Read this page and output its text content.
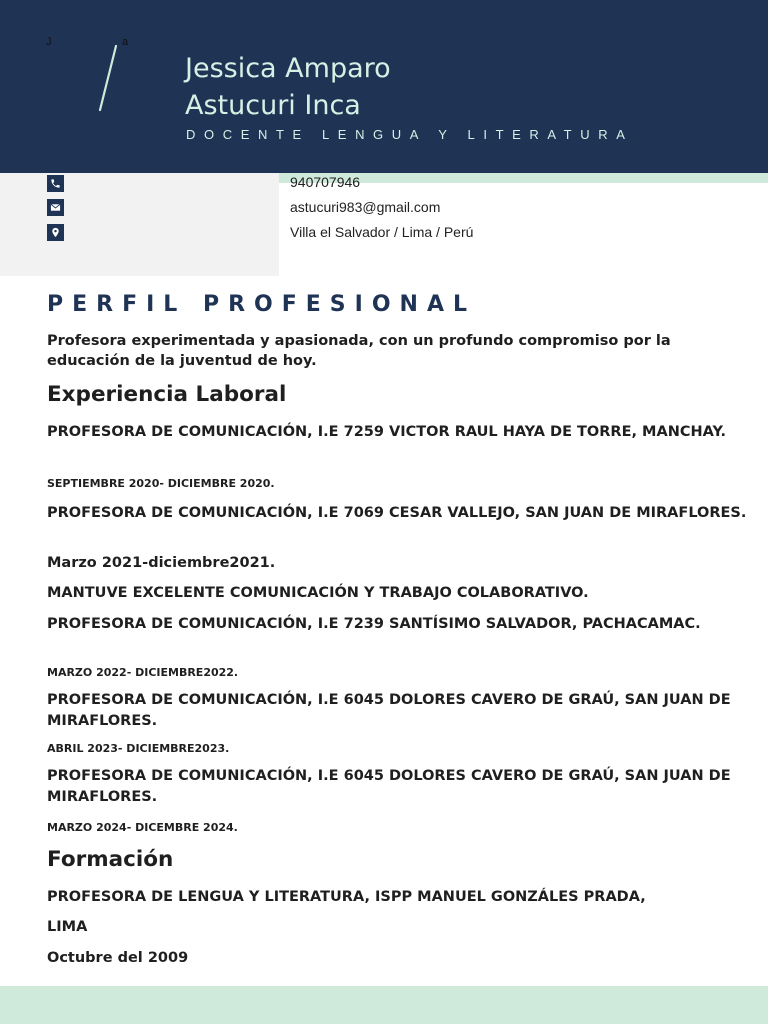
J	a
Jessica Amparo
Astucuri Inca
DOCENTE LENGUA Y LITERATURA
940707946
astucuri983@gmail.com
Villa el Salvador / Lima / Perú
PERFIL PROFESIONAL
Profesora experimentada y apasionada, con un profundo compromiso por la educación de la juventud de hoy.
Experiencia Laboral
PROFESORA DE COMUNICACIÓN, I.E 7259 VICTOR RAUL HAYA DE TORRE, MANCHAY.
SEPTIEMBRE 2020- DICIEMBRE 2020.
PROFESORA DE COMUNICACIÓN, I.E 7069 CESAR VALLEJO, SAN JUAN DE MIRAFLORES.
Marzo 2021-diciembre2021.
MANTUVE EXCELENTE COMUNICACIÓN Y TRABAJO COLABORATIVO.
PROFESORA DE COMUNICACIÓN, I.E 7239 SANTÍSIMO SALVADOR, PACHACAMAC.
MARZO 2022- DICIEMBRE2022.
PROFESORA DE COMUNICACIÓN, I.E 6045 DOLORES CAVERO DE GRAÚ, SAN JUAN DE MIRAFLORES.
ABRIL 2023- DICIEMBRE2023.
PROFESORA DE COMUNICACIÓN, I.E 6045 DOLORES CAVERO DE GRAÚ, SAN JUAN DE MIRAFLORES.
MARZO 2024- DICEMBRE 2024.
Formación
PROFESORA DE LENGUA Y LITERATURA, ISPP MANUEL GONZÁLES PRADA,
LIMA
Octubre del 2009
